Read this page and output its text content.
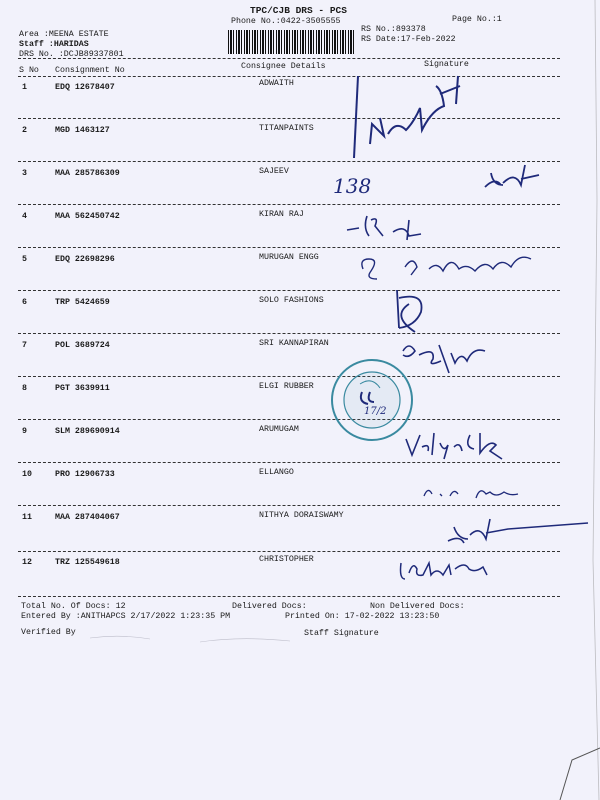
TPC/CJB DRS - PCS
Phone No.:0422-3505555	Page No.:1
Area :MEENA ESTATE
Staff :HARIDAS
DRS No. :DCJB89337801
RS No.:893378
RS Date:17-Feb-2022
S No Consignment No	Consignee Details	Signature
1	EDQ 12678407	ADWAITH
2	MGD 1463127	TITANPAINTS
3	MAA 285786309	SAJEEV
4	MAA 562450742	KIRAN RAJ
5	EDQ 22698296	MURUGAN ENGG
6	TRP 5424659	SOLO FASHIONS
7	POL 3689724	SRI KANNAPIRAN
8	PGT 3639911	ELGI RUBBER
9	SLM 289690914	ARUMUGAM
10	PRO 12906733	ELLANGO
11	MAA 287404067	NITHYA DORAISWAMY
12	TRZ 125549618	CHRISTOPHER
Total No. Of Docs: 12	Delivered Docs:	Non Delivered Docs:
Entered By :ANITHAPCS 2/17/2022 1:23:35 PM	Printed On: 17-02-2022 13:23:50
Verified By	Staff Signature
138
17/2
